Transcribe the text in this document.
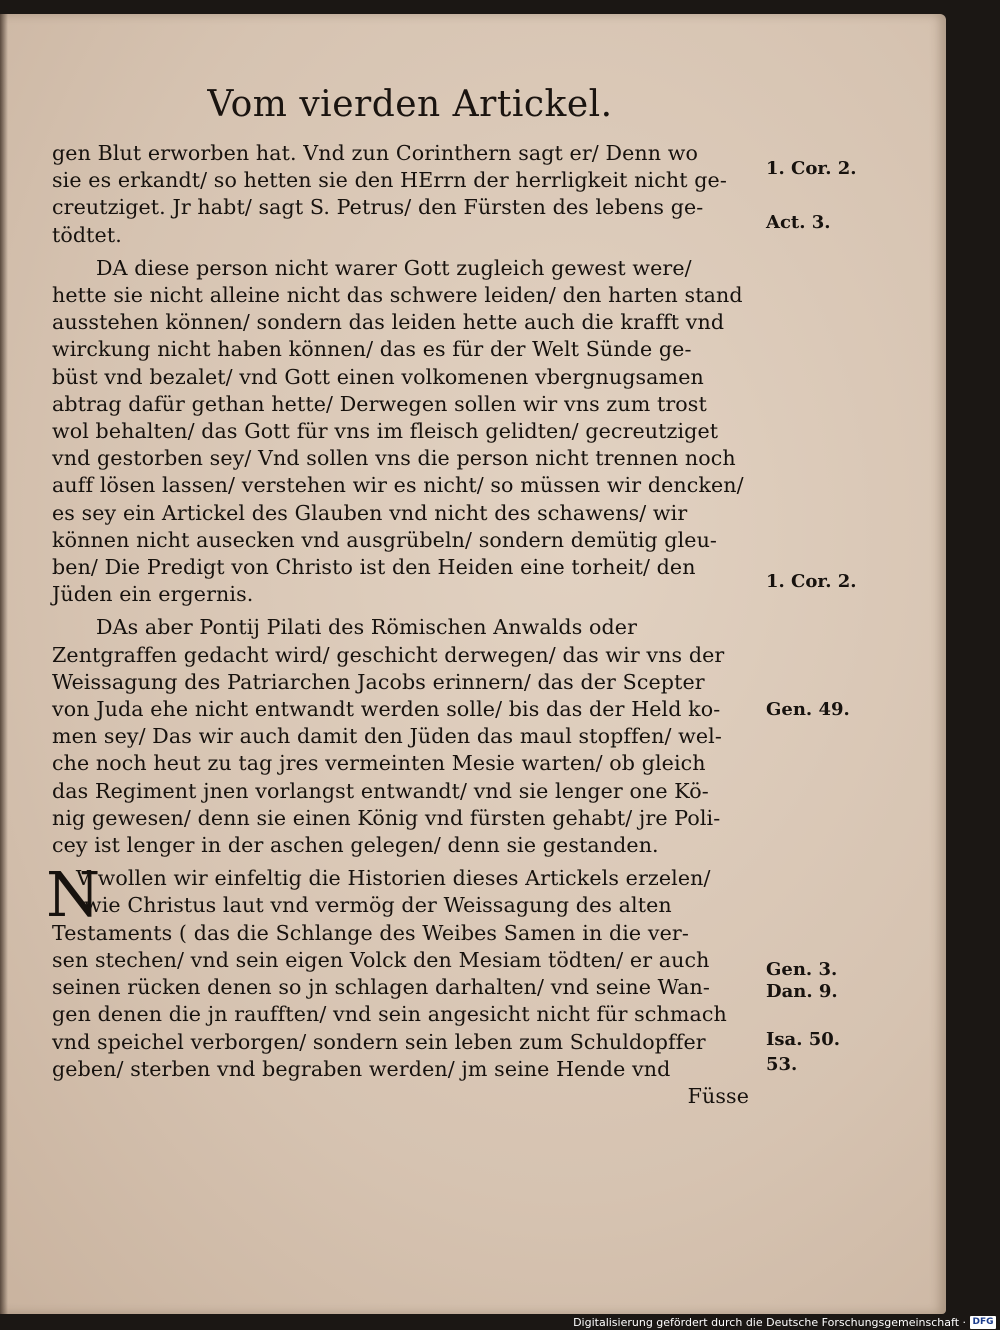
Vom vierden Artickel.
gen Blut erworben hat. Vnd zun Corinthern sagt er/ Denn wo
sie es erkandt/ so hetten sie den HErrn der herrligkeit nicht ge-
creutziget. Jr habt/ sagt S. Petrus/ den Fürsten des lebens ge-
tödtet.
DA diese person nicht warer Gott zugleich gewest were/
hette sie nicht alleine nicht das schwere leiden/ den harten stand
ausstehen können/ sondern das leiden hette auch die krafft vnd
wirckung nicht haben können/ das es für der Welt Sünde ge-
büst vnd bezalet/ vnd Gott einen volkomenen vbergnugsamen
abtrag dafür gethan hette/ Derwegen sollen wir vns zum trost
wol behalten/ das Gott für vns im fleisch gelidten/ gecreutziget
vnd gestorben sey/ Vnd sollen vns die person nicht trennen noch
auff lösen lassen/ verstehen wir es nicht/ so müssen wir dencken/
es sey ein Artickel des Glauben vnd nicht des schawens/ wir
können nicht ausecken vnd ausgrübeln/ sondern demütig gleu-
ben/ Die Predigt von Christo ist den Heiden eine torheit/ den
Jüden ein ergernis.
DAs aber Pontij Pilati des Römischen Anwalds oder
Zentgraffen gedacht wird/ geschicht derwegen/ das wir vns der
Weissagung des Patriarchen Jacobs erinnern/ das der Scepter
von Juda ehe nicht entwandt werden solle/ bis das der Held ko-
men sey/ Das wir auch damit den Jüden das maul stopffen/ wel-
che noch heut zu tag jres vermeinten Mesie warten/ ob gleich
das Regiment jnen vorlangst entwandt/ vnd sie lenger one Kö-
nig gewesen/ denn sie einen König vnd fürsten gehabt/ jre Poli-
cey ist lenger in der aschen gelegen/ denn sie gestanden.
N
V wollen wir einfeltig die Historien dieses Artickels erzelen/
wie Christus laut vnd vermög der Weissagung des alten
Testaments ( das die Schlange des Weibes Samen in die ver-
sen stechen/ vnd sein eigen Volck den Mesiam tödten/ er auch
seinen rücken denen so jn schlagen darhalten/ vnd seine Wan-
gen denen die jn raufften/ vnd sein angesicht nicht für schmach
vnd speichel verborgen/ sondern sein leben zum Schuldopffer
geben/ sterben vnd begraben werden/ jm seine Hende vnd
Füsse
1. Cor. 2.
Act. 3.
1. Cor. 2.
Gen. 49.
Gen. 3.
Dan. 9.
Isa. 50.
53.
Digitalisierung gefördert durch die Deutsche Forschungsgemeinschaft · DFG
